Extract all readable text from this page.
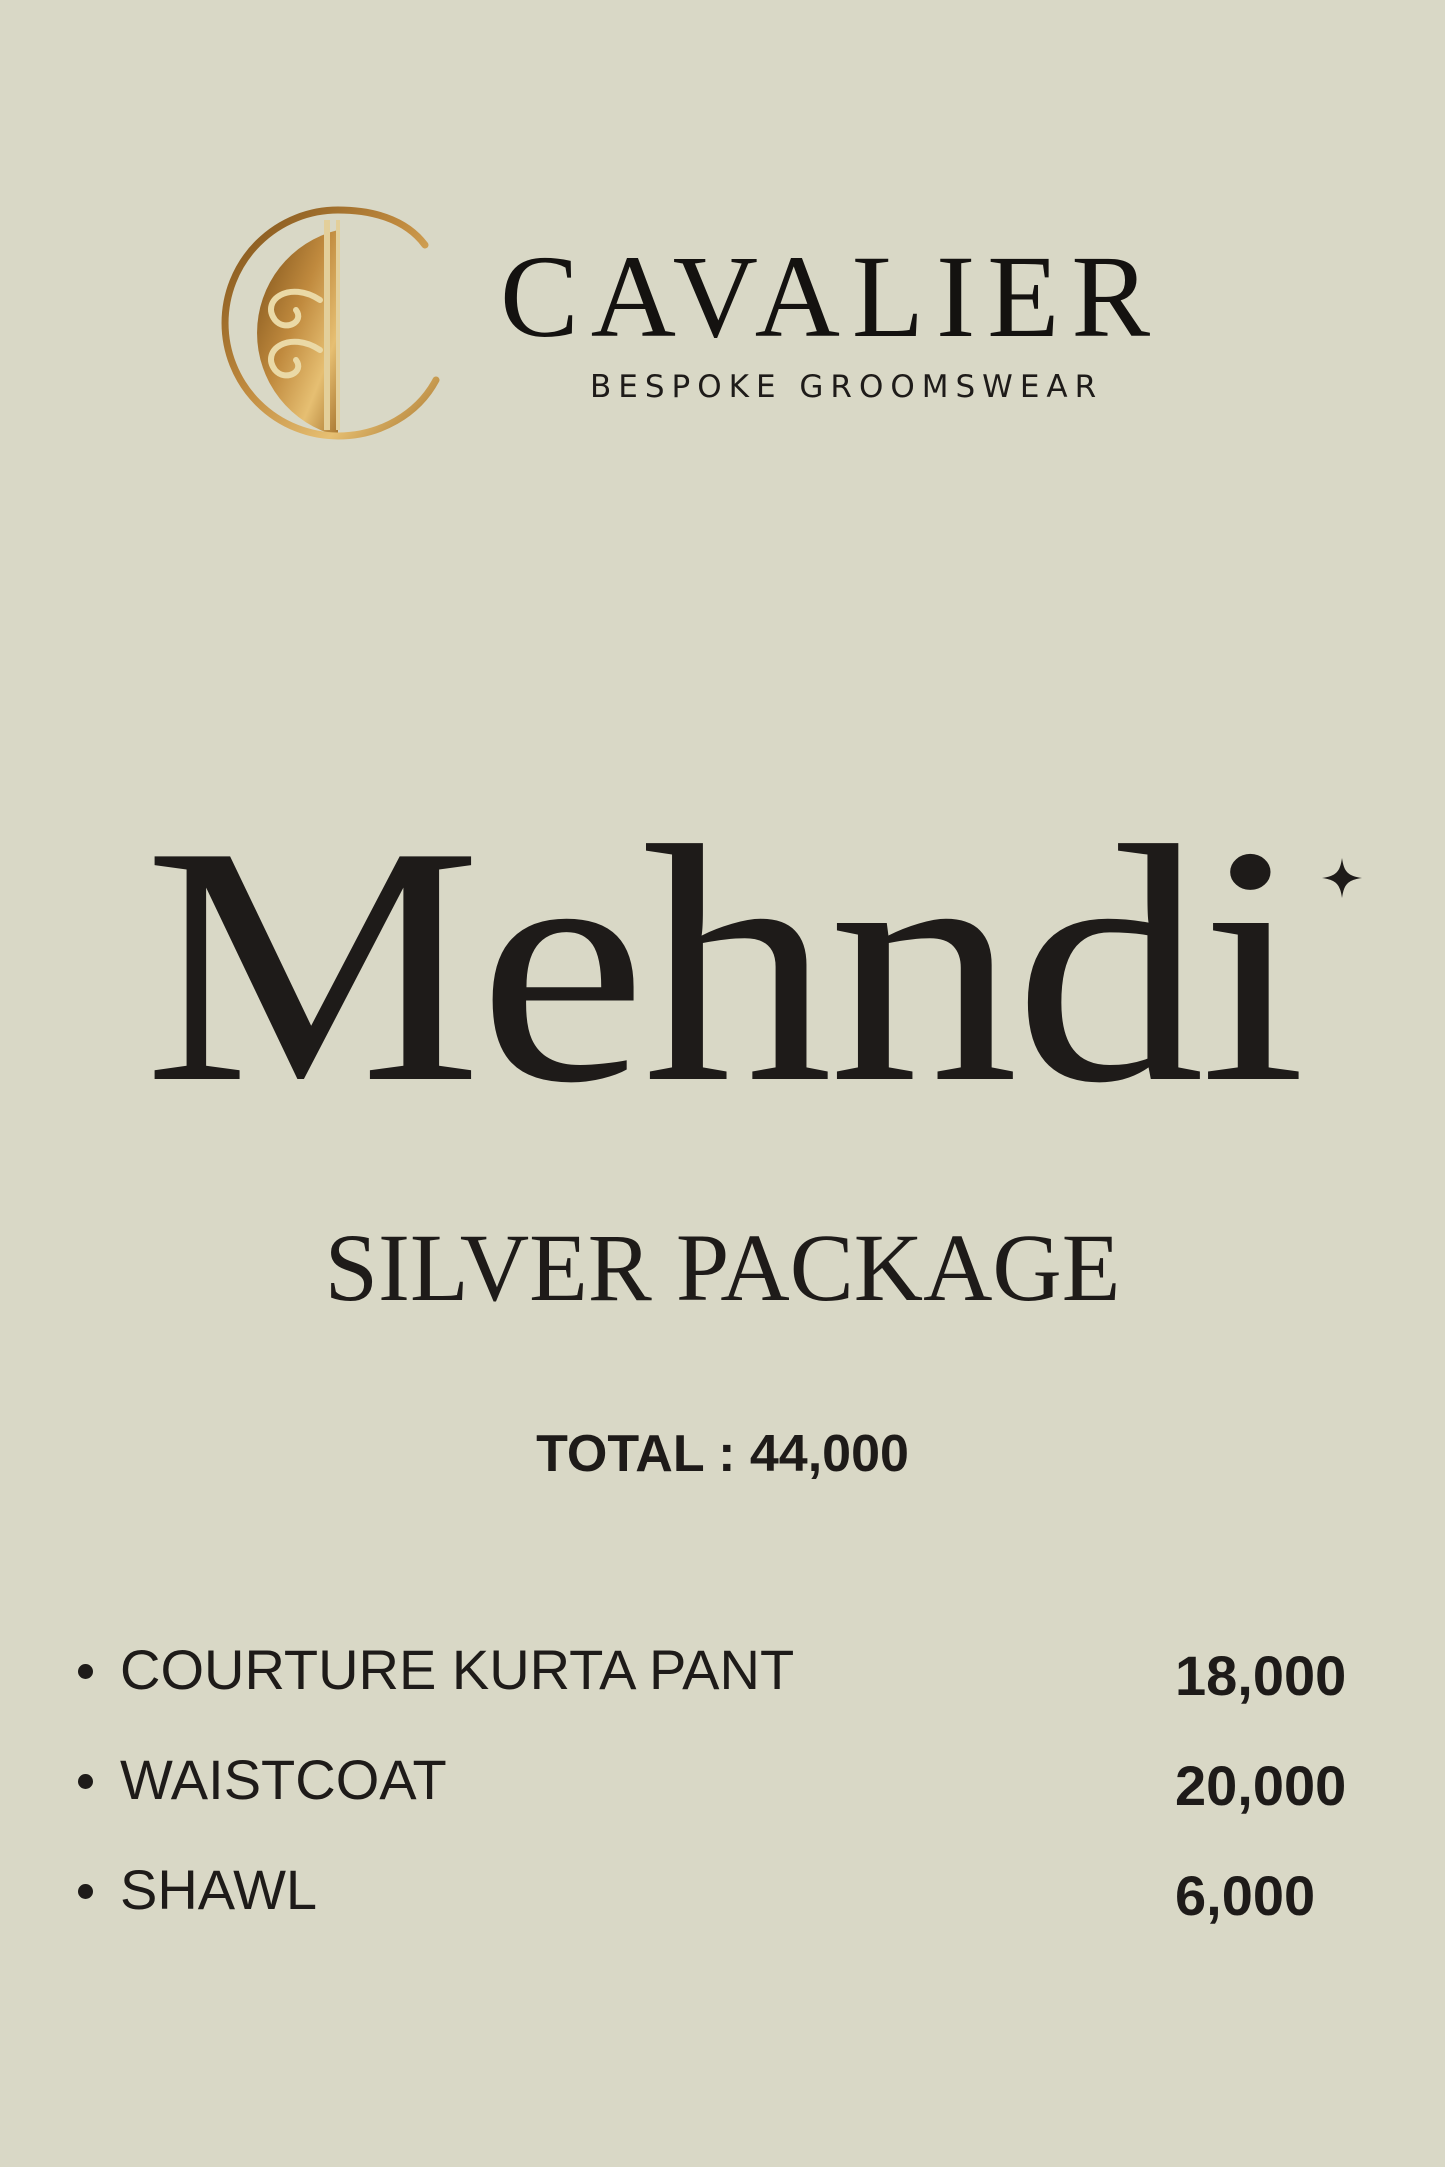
CAVALIER
BESPOKE GROOMSWEAR
Mehndi
SILVER PACKAGE
TOTAL : 44,000
COURTURE KURTA PANT	18,000
WAISTCOAT	20,000
SHAWL	6,000
